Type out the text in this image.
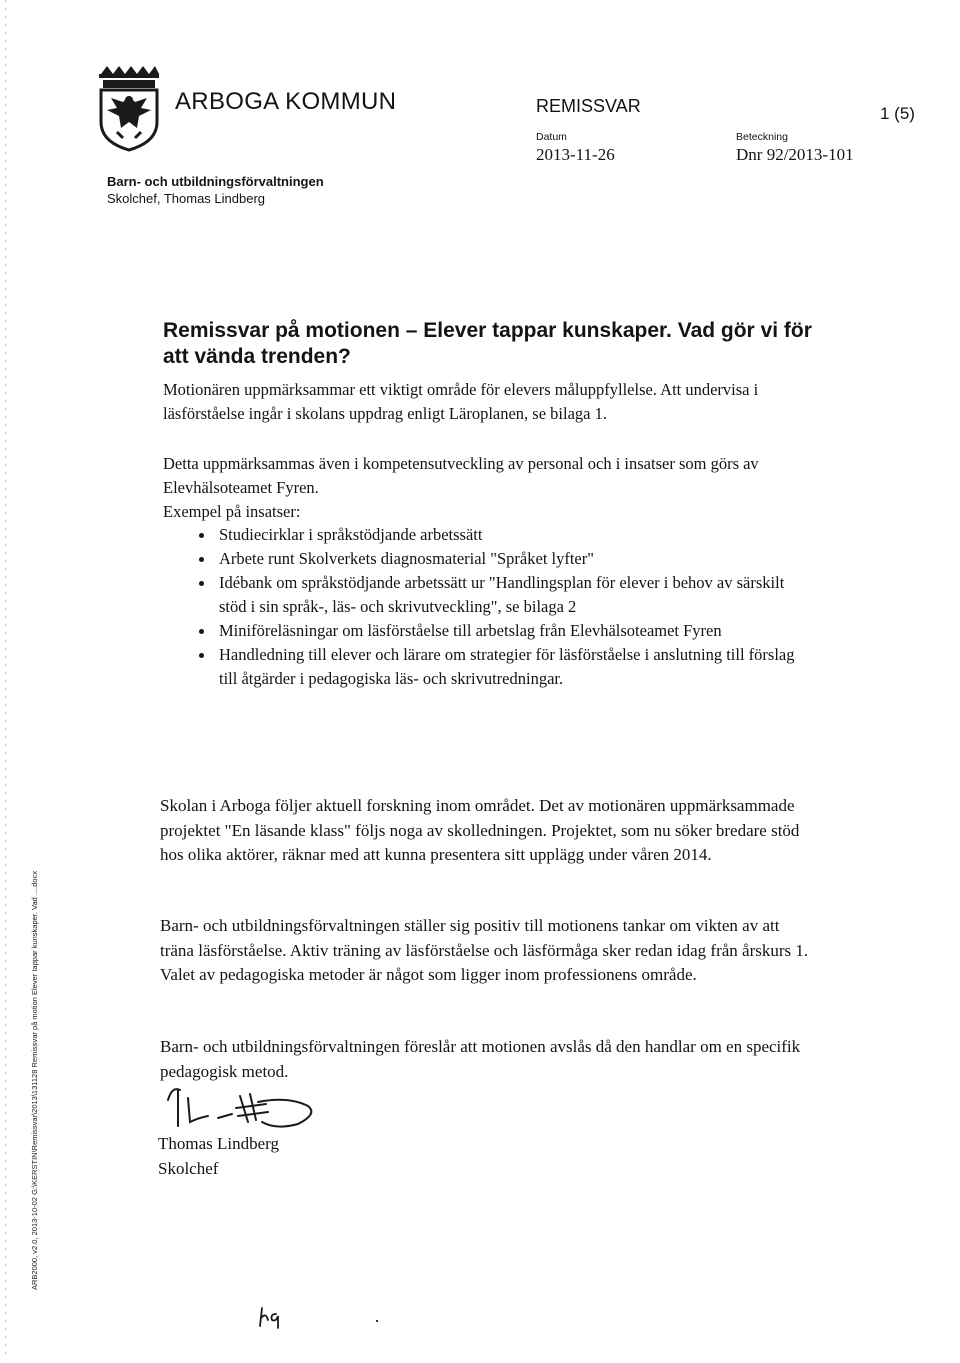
ARBOGA KOMMUN
Barn- och utbildningsförvaltningen
Skolchef, Thomas Lindberg
REMISSVAR	1 (5)
Datum
2013-11-26
Beteckning
Dnr 92/2013-101
Remissvar på motionen – Elever tappar kunskaper. Vad gör vi för att vända trenden?
Motionären uppmärksammar ett viktigt område för elevers måluppfyllelse. Att undervisa i läsförståelse ingår i skolans uppdrag enligt Läroplanen, se bilaga 1.
Detta uppmärksammas även i kompetensutveckling av personal och i insatser som görs av Elevhälsoteamet Fyren.
Exempel på insatser:
Studiecirklar i språkstödjande arbetssätt
Arbete runt Skolverkets diagnosmaterial "Språket lyfter"
Idébank om språkstödjande arbetssätt ur "Handlingsplan för elever i behov av särskilt stöd i sin språk-, läs- och skrivutveckling", se bilaga 2
Miniföreläsningar om läsförståelse till arbetslag från Elevhälsoteamet Fyren
Handledning till elever och lärare om strategier för läsförståelse i anslutning till förslag till åtgärder i pedagogiska läs- och skrivutredningar.
Skolan i Arboga följer aktuell forskning inom området. Det av motionären uppmärksammade projektet "En läsande klass" följs noga av skolledningen. Projektet, som nu söker bredare stöd hos olika aktörer, räknar med att kunna presentera sitt upplägg under våren 2014.
Barn- och utbildningsförvaltningen ställer sig positiv till motionens tankar om vikten av att träna läsförståelse. Aktiv träning av läsförståelse och läsförmåga sker redan idag från årskurs 1. Valet av pedagogiska metoder är något som ligger inom professionens område.
Barn- och utbildningsförvaltningen föreslår att motionen avslås då den handlar om en specifik pedagogisk metod.
Thomas Lindberg
Skolchef
ARB2000, v2.0, 2013-10-02 G:\KERSTIN\Remissvar\2013\131128 Remissvar på motion Elever tappar kunskaper. Vad ....docx
